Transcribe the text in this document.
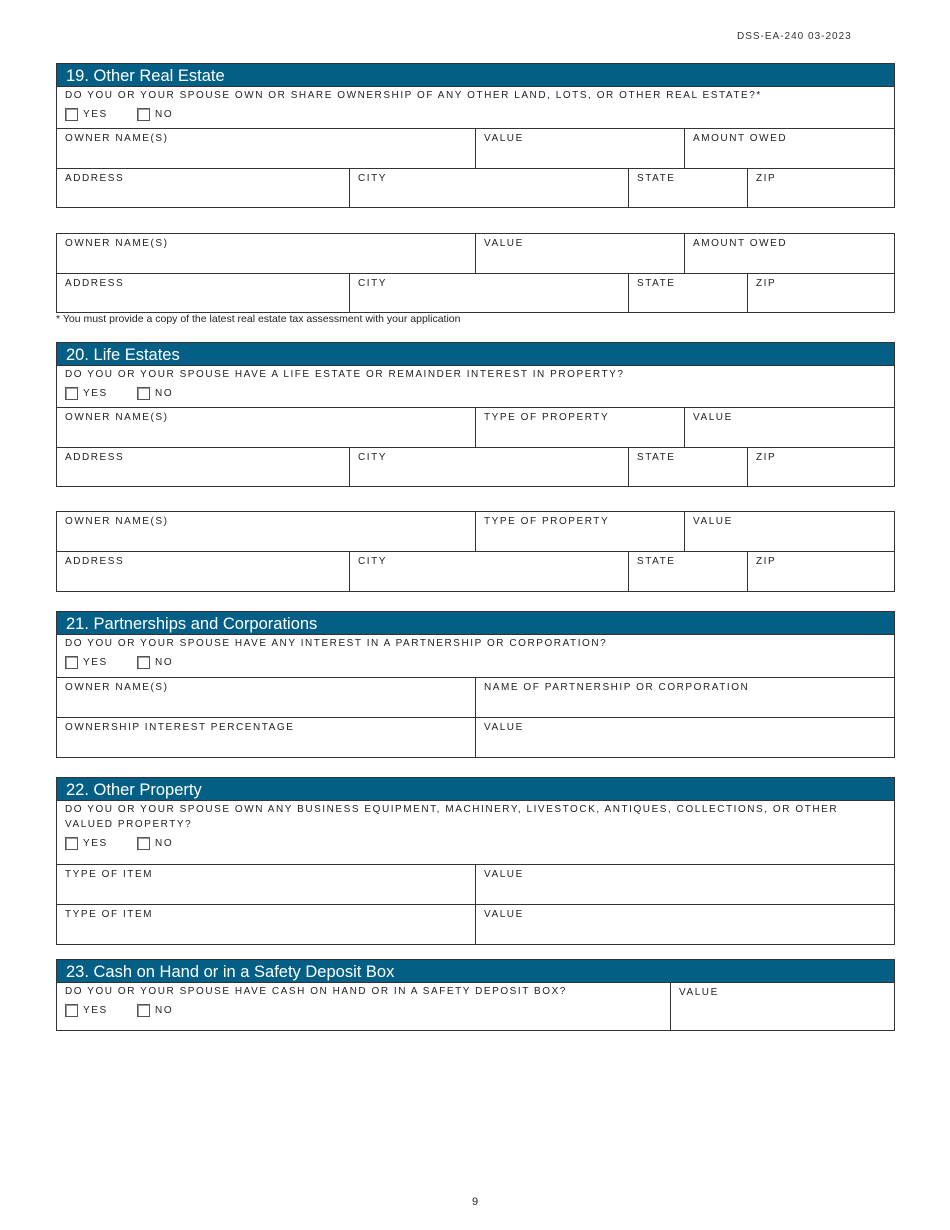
DSS-EA-240 03-2023
19. Other Real Estate
DO YOU OR YOUR SPOUSE OWN OR SHARE OWNERSHIP OF ANY OTHER LAND, LOTS, OR OTHER REAL ESTATE?*
YES	NO
OWNER NAME(S)	VALUE	AMOUNT OWED
ADDRESS	CITY	STATE	ZIP
OWNER NAME(S)	VALUE	AMOUNT OWED
ADDRESS	CITY	STATE	ZIP
* You must provide a copy of the latest real estate tax assessment with your application
20. Life Estates
DO YOU OR YOUR SPOUSE HAVE A LIFE ESTATE OR REMAINDER INTEREST IN PROPERTY?
YES	NO
OWNER NAME(S)	TYPE OF PROPERTY	VALUE
ADDRESS	CITY	STATE	ZIP
OWNER NAME(S)	TYPE OF PROPERTY	VALUE
ADDRESS	CITY	STATE	ZIP
21. Partnerships and Corporations
DO YOU OR YOUR SPOUSE HAVE ANY INTEREST IN A PARTNERSHIP OR CORPORATION?
YES	NO
OWNER NAME(S)	NAME OF PARTNERSHIP OR CORPORATION
OWNERSHIP INTEREST PERCENTAGE	VALUE
22. Other Property
DO YOU OR YOUR SPOUSE OWN ANY BUSINESS EQUIPMENT, MACHINERY, LIVESTOCK, ANTIQUES, COLLECTIONS, OR OTHER VALUED PROPERTY?
YES	NO
TYPE OF ITEM	VALUE
TYPE OF ITEM	VALUE
23. Cash on Hand or in a Safety Deposit Box
DO YOU OR YOUR SPOUSE HAVE CASH ON HAND OR IN A SAFETY DEPOSIT BOX?
YES	NO
VALUE
9
